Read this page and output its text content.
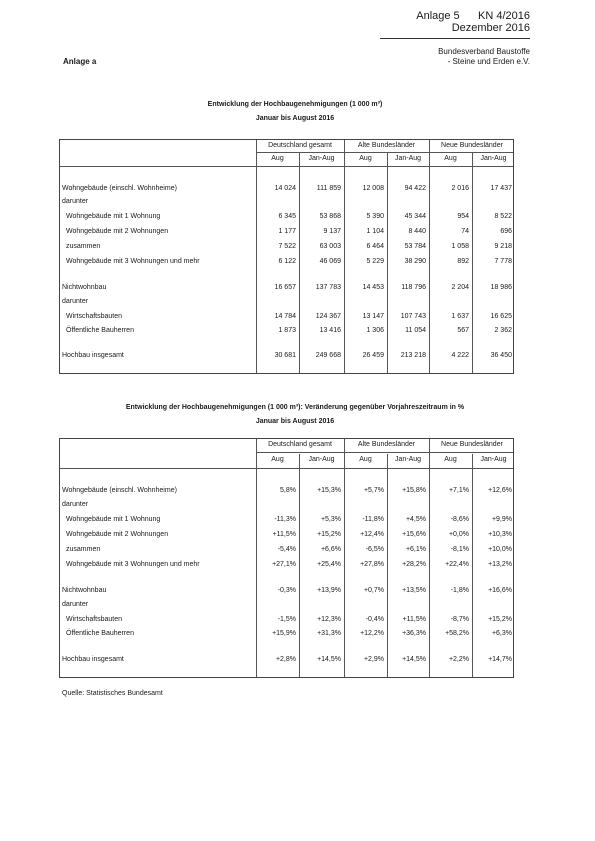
Anlage 5 KN 4/2016
Dezember 2016
Bundesverband Baustoffe
- Steine und Erden e.V.
Anlage a
Entwicklung der Hochbaugenehmigungen (1 000 m³)
Januar bis August 2016
Deutschland gesamt	Alte Bundesländer	Neue Bundesländer
Aug	Jan-Aug	Aug	Jan-Aug	Aug	Jan-Aug
Wohngebäude (einschl. Wohnheime)	14 024	111 859	12 008	94 422	2 016	17 437
darunter
Wohngebäude mit 1 Wohnung	6 345	53 868	5 390	45 344	954	8 522
Wohngebäude mit 2 Wohnungen	1 177	9 137	1 104	8 440	74	696
zusammen	7 522	63 003	6 464	53 784	1 058	9 218
Wohngebäude mit 3 Wohnungen und mehr	6 122	46 069	5 229	38 290	892	7 778
Nichtwohnbau	16 657	137 783	14 453	118 796	2 204	18 986
darunter
Wirtschaftsbauten	14 784	124 367	13 147	107 743	1 637	16 625
Öffentliche Bauherren	1 873	13 416	1 306	11 054	567	2 362
Hochbau insgesamt	30 681	249 668	26 459	213 218	4 222	36 450
Entwicklung der Hochbaugenehmigungen (1 000 m³): Veränderung gegenüber Vorjahreszeitraum in %
Januar bis August 2016
Deutschland gesamt	Alte Bundesländer	Neue Bundesländer
Aug	Jan-Aug	Aug	Jan-Aug	Aug	Jan-Aug
Wohngebäude (einschl. Wohnheime)	5,8%	+15,3%	+5,7%	+15,8%	+7,1%	+12,6%
darunter
Wohngebäude mit 1 Wohnung	-11,3%	+5,3%	-11,8%	+4,5%	-8,6%	+9,9%
Wohngebäude mit 2 Wohnungen	+11,5%	+15,2%	+12,4%	+15,6%	+0,0%	+10,3%
zusammen	-5,4%	+6,6%	-6,5%	+6,1%	-8,1%	+10,0%
Wohngebäude mit 3 Wohnungen und mehr	+27,1%	+25,4%	+27,8%	+28,2%	+22,4%	+13,2%
Nichtwohnbau	-0,3%	+13,9%	+0,7%	+13,5%	-1,8%	+16,6%
darunter
Wirtschaftsbauten	-1,5%	+12,3%	-0,4%	+11,5%	-8,7%	+15,2%
Öffentliche Bauherren	+15,9%	+31,3%	+12,2%	+36,3%	+58,2%	+6,3%
Hochbau insgesamt	+2,8%	+14,5%	+2,9%	+14,5%	+2,2%	+14,7%
Quelle: Statistisches Bundesamt
